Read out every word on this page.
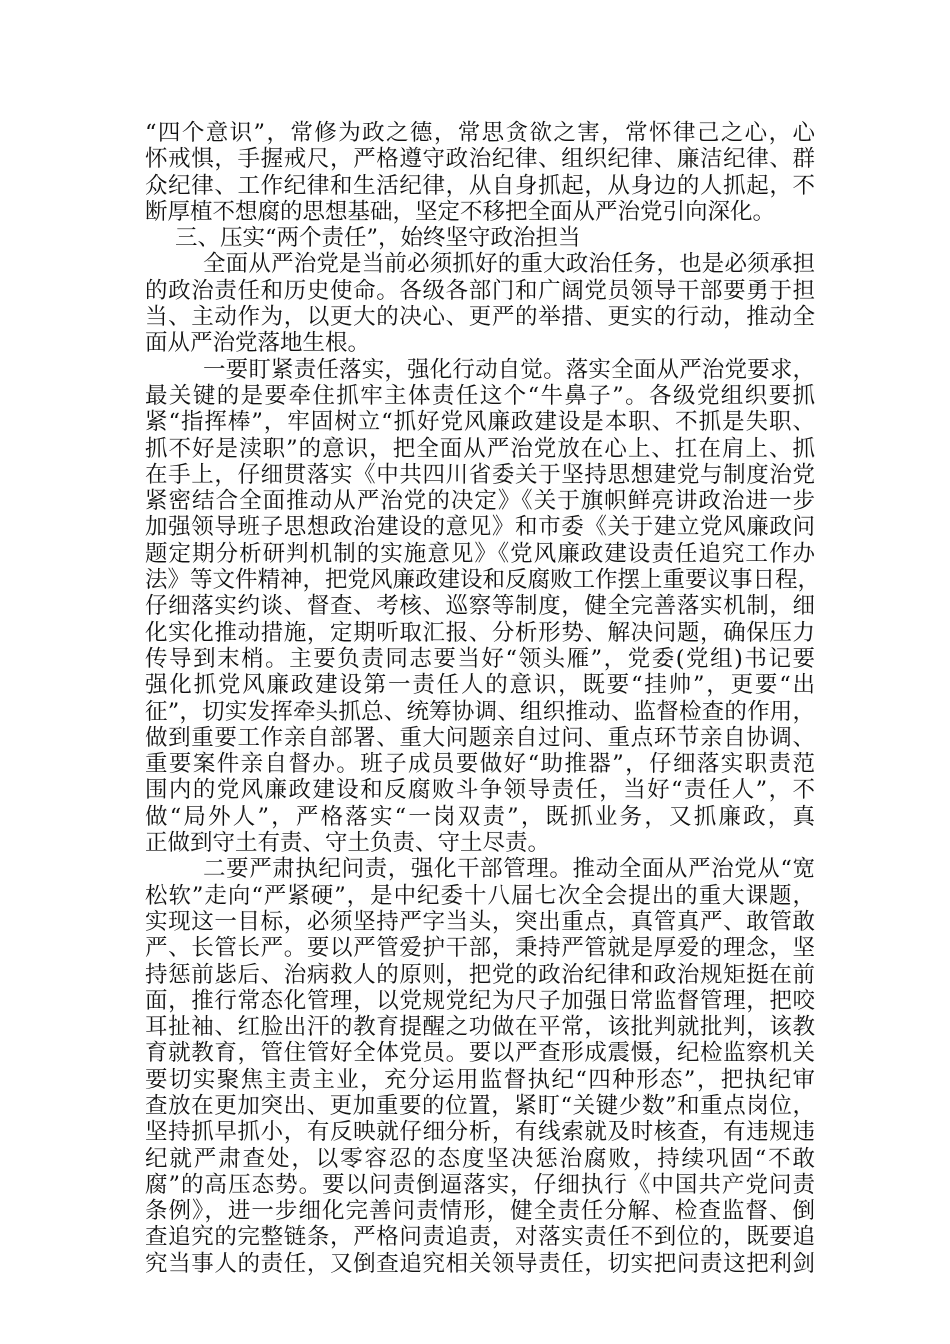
“四个意识”，常修为政之德，常思贪欲之害，常怀律己之心，心
怀戒惧，手握戒尺，严格遵守政治纪律、组织纪律、廉洁纪律、群
众纪律、工作纪律和生活纪律，从自身抓起，从身边的人抓起，不
断厚植不想腐的思想基础，坚定不移把全面从严治党引向深化。
三、压实“两个责任”，始终坚守政治担当
全面从严治党是当前必须抓好的重大政治任务，也是必须承担
的政治责任和历史使命。各级各部门和广阔党员领导干部要勇于担
当、主动作为，以更大的决心、更严的举措、更实的行动，推动全
面从严治党落地生根。
一要盯紧责任落实，强化行动自觉。落实全面从严治党要求，
最关键的是要牵住抓牢主体责任这个“牛鼻子”。各级党组织要抓
紧“指挥棒”，牢固树立“抓好党风廉政建设是本职、不抓是失职、
抓不好是渎职”的意识，把全面从严治党放在心上、扛在肩上、抓
在手上，仔细贯落实《中共四川省委关于坚持思想建党与制度治党
紧密结合全面推动从严治党的决定》《关于旗帜鲜亮讲政治进一步
加强领导班子思想政治建设的意见》和市委《关于建立党风廉政问
题定期分析研判机制的实施意见》《党风廉政建设责任追究工作办
法》等文件精神，把党风廉政建设和反腐败工作摆上重要议事日程，
仔细落实约谈、督查、考核、巡察等制度，健全完善落实机制，细
化实化推动措施，定期听取汇报、分析形势、解决问题，确保压力
传导到末梢。主要负责同志要当好“领头雁”，党委(党组)书记要
强化抓党风廉政建设第一责任人的意识，既要“挂帅”，更要“出
征”，切实发挥牵头抓总、统筹协调、组织推动、监督检查的作用，
做到重要工作亲自部署、重大问题亲自过问、重点环节亲自协调、
重要案件亲自督办。班子成员要做好“助推器”，仔细落实职责范
围内的党风廉政建设和反腐败斗争领导责任，当好“责任人”，不
做“局外人”，严格落实“一岗双责”，既抓业务，又抓廉政，真
正做到守土有责、守土负责、守土尽责。
二要严肃执纪问责，强化干部管理。推动全面从严治党从“宽
松软”走向“严紧硬”，是中纪委十八届七次全会提出的重大课题，
实现这一目标，必须坚持严字当头，突出重点，真管真严、敢管敢
严、长管长严。要以严管爱护干部，秉持严管就是厚爱的理念，坚
持惩前毖后、治病救人的原则，把党的政治纪律和政治规矩挺在前
面，推行常态化管理，以党规党纪为尺子加强日常监督管理，把咬
耳扯袖、红脸出汗的教育提醒之功做在平常，该批判就批判，该教
育就教育，管住管好全体党员。要以严查形成震慑，纪检监察机关
要切实聚焦主责主业，充分运用监督执纪“四种形态”，把执纪审
查放在更加突出、更加重要的位置，紧盯“关键少数”和重点岗位，
坚持抓早抓小，有反映就仔细分析，有线索就及时核查，有违规违
纪就严肃查处，以零容忍的态度坚决惩治腐败，持续巩固“不敢
腐”的高压态势。要以问责倒逼落实，仔细执行《中国共产党问责
条例》，进一步细化完善问责情形，健全责任分解、检查监督、倒
查追究的完整链条，严格问责追责，对落实责任不到位的，既要追
究当事人的责任，又倒查追究相关领导责任，切实把问责这把利剑
